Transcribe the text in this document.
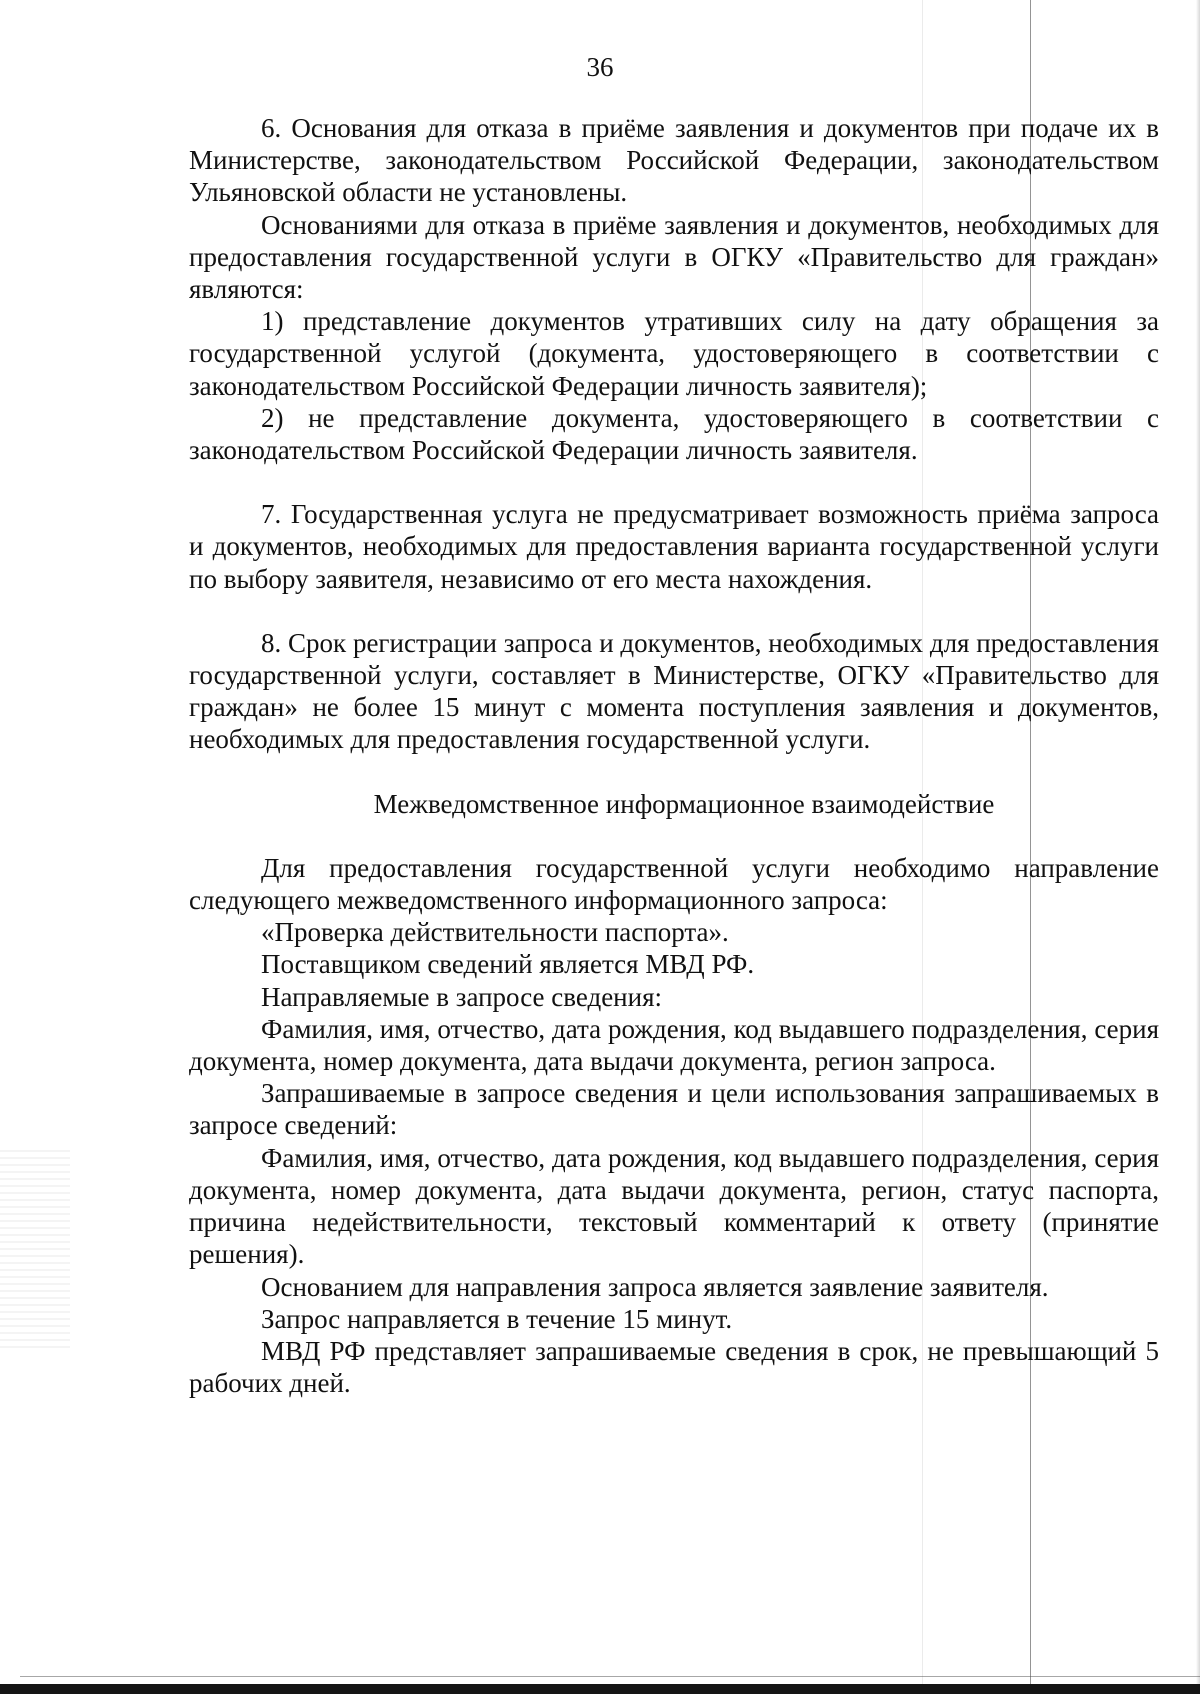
36

6. Основания для отказа в приёме заявления и документов при подаче их в Министерстве, законодательством Российской Федерации, законодательством Ульяновской области не установлены.

Основаниями для отказа в приёме заявления и документов, необходимых для предоставления государственной услуги в ОГКУ «Правительство для граждан» являются:

1) представление документов утративших силу на дату обращения за государственной услугой (документа, удостоверяющего в соответствии с законодательством Российской Федерации личность заявителя);

2) не представление документа, удостоверяющего в соответствии с законодательством Российской Федерации личность заявителя.

7. Государственная услуга не предусматривает возможность приёма запроса и документов, необходимых для предоставления варианта государственной услуги по выбору заявителя, независимо от его места нахождения.

8. Срок регистрации запроса и документов, необходимых для предоставления государственной услуги, составляет в Министерстве, ОГКУ «Правительство для граждан» не более 15 минут с момента поступления заявления и документов, необходимых для предоставления государственной услуги.

Межведомственное информационное взаимодействие

Для предоставления государственной услуги необходимо направление следующего межведомственного информационного запроса:

«Проверка действительности паспорта».

Поставщиком сведений является МВД РФ.

Направляемые в запросе сведения:

Фамилия, имя, отчество, дата рождения, код выдавшего подразделения, серия документа, номер документа, дата выдачи документа, регион запроса.

Запрашиваемые в запросе сведения и цели использования запрашиваемых в запросе сведений:

Фамилия, имя, отчество, дата рождения, код выдавшего подразделения, серия документа, номер документа, дата выдачи документа, регион, статус паспорта, причина недействительности, текстовый комментарий к ответу (принятие решения).

Основанием для направления запроса является заявление заявителя.

Запрос направляется в течение 15 минут.

МВД РФ представляет запрашиваемые сведения в срок, не превышающий 5 рабочих дней.
